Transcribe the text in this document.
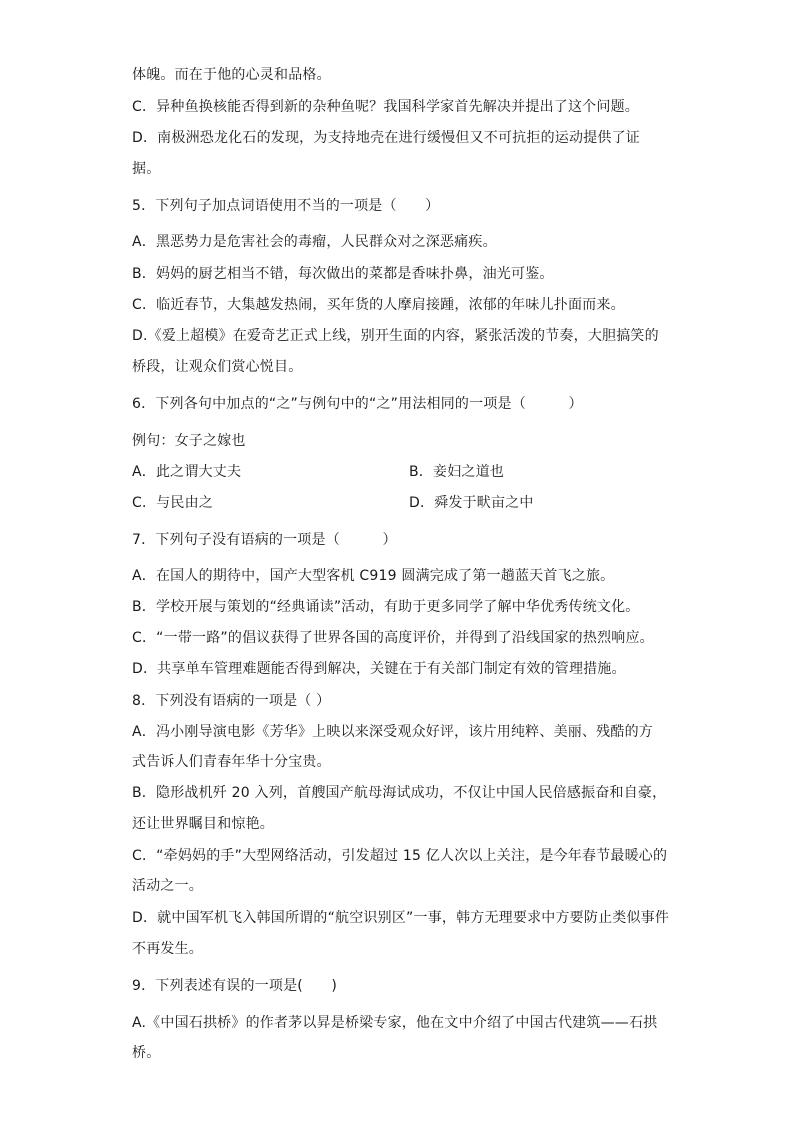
体魄。而在于他的心灵和品格。
C．异种鱼换核能否得到新的杂种鱼呢？我国科学家首先解决并提出了这个问题。
D．南极洲恐龙化石的发现，为支持地壳在进行缓慢但又不可抗拒的运动提供了证
据。
5．下列句子加点词语使用不当的一项是（　　）
A．黑恶势力是危害社会的毒瘤，人民群众对之深恶痛疾。
B．妈妈的厨艺相当不错，每次做出的菜都是香味扑鼻，油光可鉴。
C．临近春节，大集越发热闹，买年货的人摩肩接踵，浓郁的年味儿扑面而来。
D.《爱上超模》在爱奇艺正式上线，别开生面的内容，紧张活泼的节奏，大胆搞笑的
桥段，让观众们赏心悦目。
6．下列各句中加点的“之”与例句中的“之”用法相同的一项是（　　　）
例句：女子之嫁也
A．此之谓大丈夫	B．妾妇之道也
C．与民由之	D．舜发于畎亩之中
7．下列句子没有语病的一项是（　　　）
A．在国人的期待中，国产大型客机 C919 圆满完成了第一趟蓝天首飞之旅。
B．学校开展与策划的“经典诵读”活动，有助于更多同学了解中华优秀传统文化。
C．“一带一路”的倡议获得了世界各国的高度评价，并得到了沿线国家的热烈响应。
D．共享单车管理难题能否得到解决，关键在于有关部门制定有效的管理措施。
8．下列没有语病的一项是（ ）
A．冯小刚导演电影《芳华》上映以来深受观众好评，该片用纯粹、美丽、残酷的方
式告诉人们青春年华十分宝贵。
B．隐形战机歼 20 入列，首艘国产航母海试成功，不仅让中国人民倍感振奋和自豪，
还让世界瞩目和惊艳。
C．“牵妈妈的手”大型网络活动，引发超过 15 亿人次以上关注，是今年春节最暖心的
活动之一。
D．就中国军机飞入韩国所谓的“航空识别区”一事，韩方无理要求中方要防止类似事件
不再发生。
9．下列表述有误的一项是(　　)
A.《中国石拱桥》的作者茅以昇是桥梁专家，他在文中介绍了中国古代建筑——石拱
桥。
